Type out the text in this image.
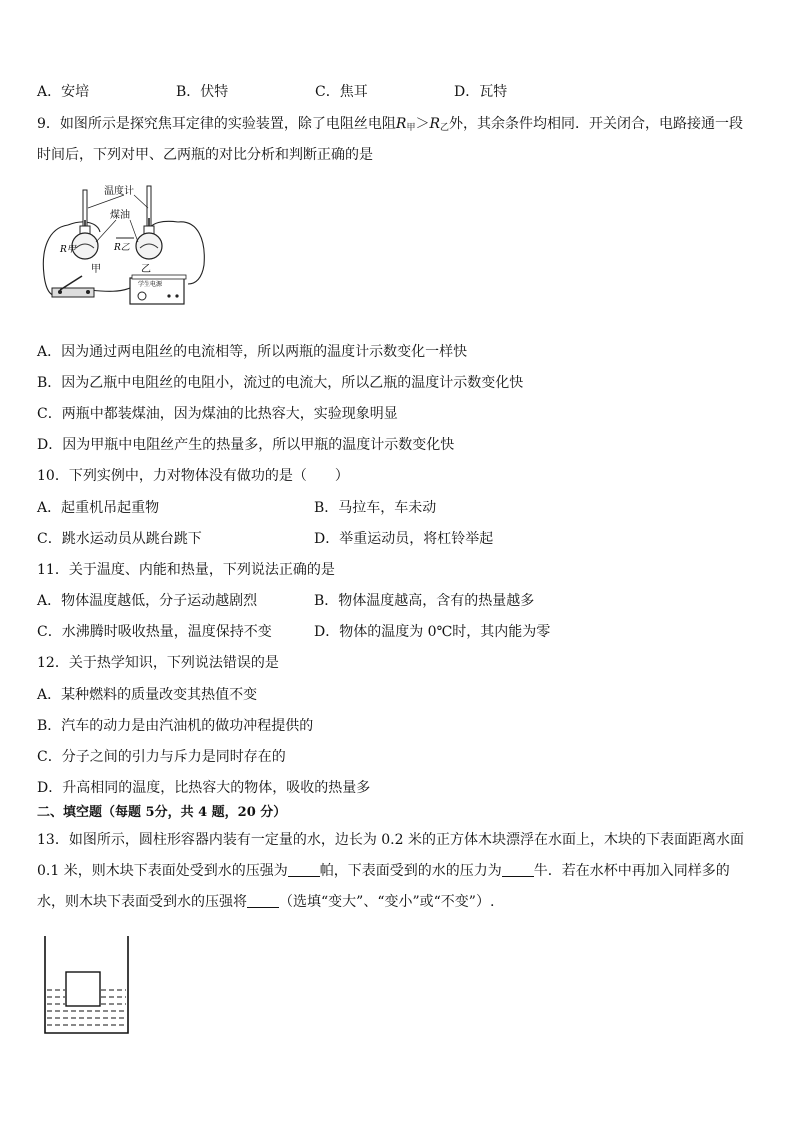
A．安培	B．伏特	C．焦耳	D．瓦特
9．如图所示是探究焦耳定律的实验装置，除了电阻丝电阻$R_甲>R_乙$外，其余条件均相同．开关闭合，电路接通一段
时间后，下列对甲、乙两瓶的对比分析和判断正确的是
温度计
煤油
R甲	R乙
甲	乙
学生电源
A．因为通过两电阻丝的电流相等，所以两瓶的温度计示数变化一样快
B．因为乙瓶中电阻丝的电阻小，流过的电流大，所以乙瓶的温度计示数变化快
C．两瓶中都装煤油，因为煤油的比热容大，实验现象明显
D．因为甲瓶中电阻丝产生的热量多，所以甲瓶的温度计示数变化快
10．下列实例中，力对物体没有做功的是（　　）
A．起重机吊起重物	B．马拉车，车未动
C．跳水运动员从跳台跳下	D．举重运动员，将杠铃举起
11．关于温度、内能和热量，下列说法正确的是
A．物体温度越低，分子运动越剧烈	B．物体温度越高，含有的热量越多
C．水沸腾时吸收热量，温度保持不变	D．物体的温度为 0℃时，其内能为零
12．关于热学知识，下列说法错误的是
A．某种燃料的质量改变其热值不变
B．汽车的动力是由汽油机的做功冲程提供的
C．分子之间的引力与斥力是同时存在的
D．升高相同的温度，比热容大的物体，吸收的热量多
二、填空题（每题 5分，共 4 题，20 分）
13．如图所示，圆柱形容器内装有一定量的水，边长为 0.2 米的正方体木块漂浮在水面上，木块的下表面距离水面 0.1 米，则木块下表面处受到水的压强为 帕，下表面受到的水的压力为 牛．若在水杯中再加入同样多的水，则木块下表面受到水的压强将 （选填“变大”、“变小”或“不变”）.
